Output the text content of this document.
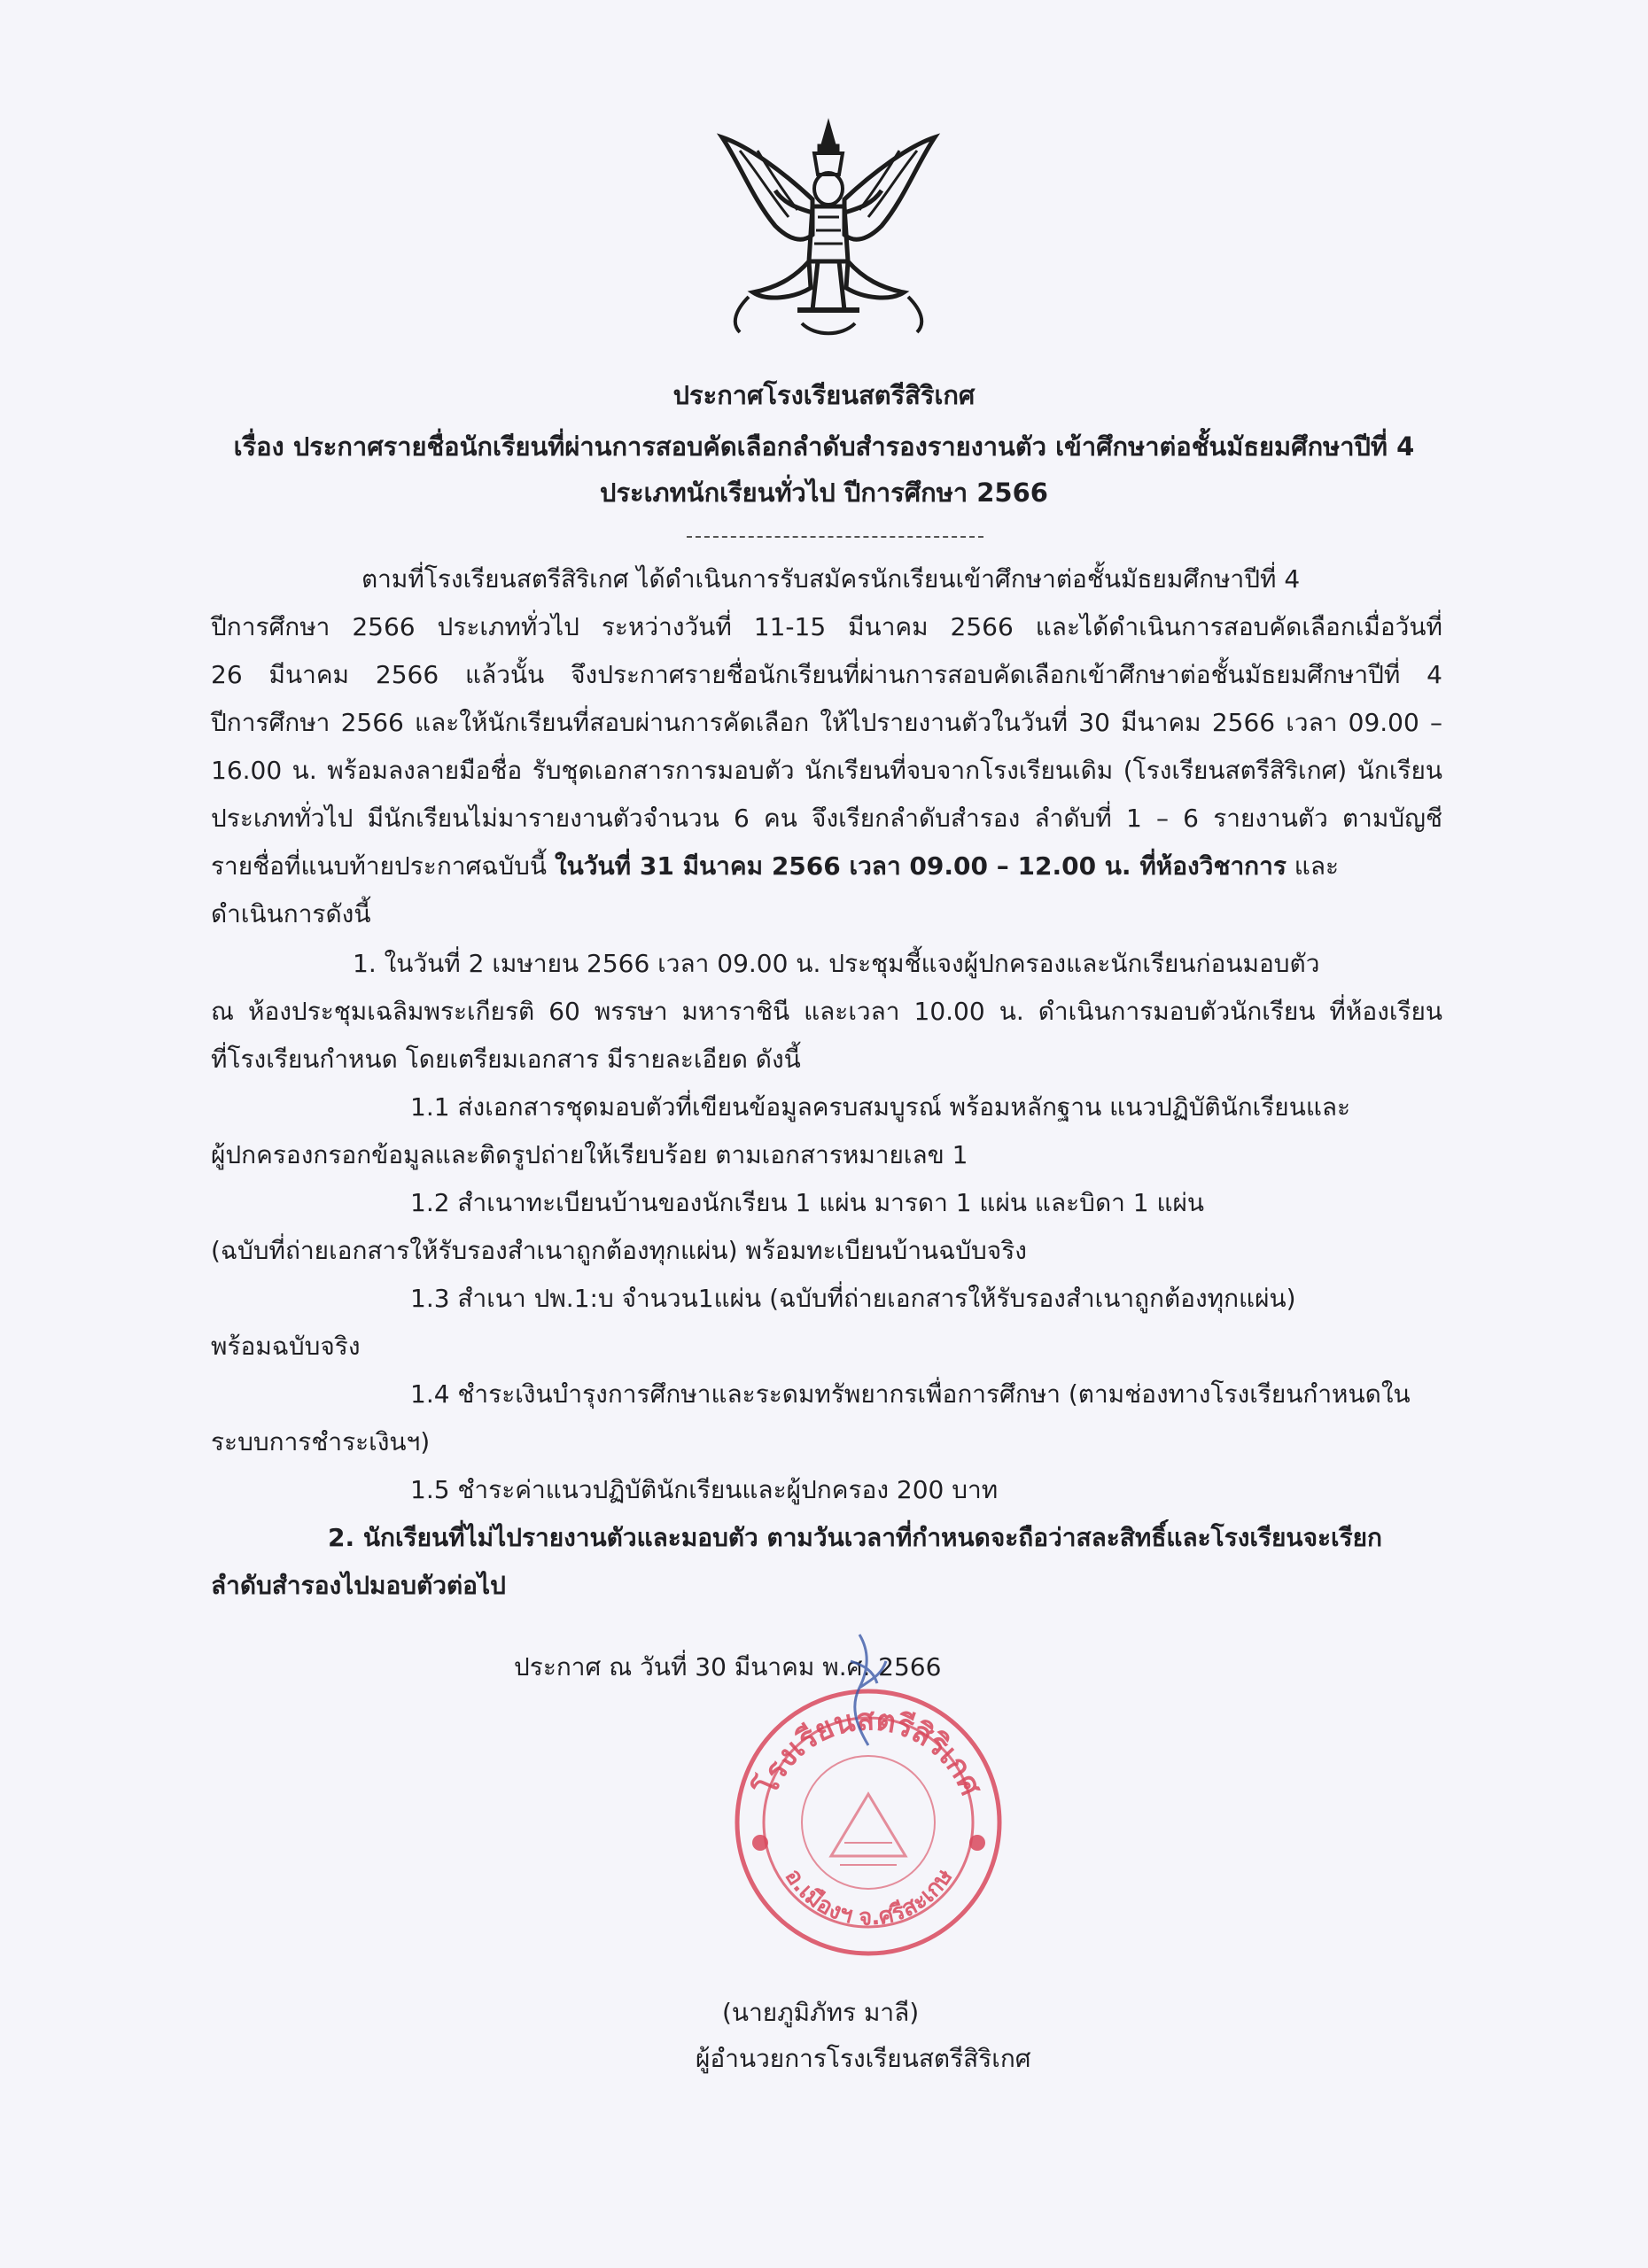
ประกาศโรงเรียนสตรีสิริเกศ
เรื่อง ประกาศรายชื่อนักเรียนที่ผ่านการสอบคัดเลือกลำดับสำรองรายงานตัว เข้าศึกษาต่อชั้นมัธยมศึกษาปีที่ 4
ประเภทนักเรียนทั่วไป ปีการศึกษา 2566
ตามที่โรงเรียนสตรีสิริเกศ ได้ดำเนินการรับสมัครนักเรียนเข้าศึกษาต่อชั้นมัธยมศึกษาปีที่ 4
ปีการศึกษา 2566 ประเภททั่วไป ระหว่างวันที่ 11-15 มีนาคม 2566 และได้ดำเนินการสอบคัดเลือกเมื่อวันที่
26 มีนาคม 2566 แล้วนั้น จึงประกาศรายชื่อนักเรียนที่ผ่านการสอบคัดเลือกเข้าศึกษาต่อชั้นมัธยมศึกษาปีที่ 4
ปีการศึกษา 2566 และให้นักเรียนที่สอบผ่านการคัดเลือก ให้ไปรายงานตัวในวันที่ 30 มีนาคม 2566 เวลา 09.00 –
16.00 น. พร้อมลงลายมือชื่อ รับชุดเอกสารการมอบตัว นักเรียนที่จบจากโรงเรียนเดิม (โรงเรียนสตรีสิริเกศ) นักเรียน
ประเภททั่วไป มีนักเรียนไม่มารายงานตัวจำนวน 6 คน จึงเรียกลำดับสำรอง ลำดับที่ 1 – 6 รายงานตัว ตามบัญชี
รายชื่อที่แนบท้ายประกาศฉบับนี้ ในวันที่ 31 มีนาคม 2566 เวลา 09.00 – 12.00 น. ที่ห้องวิชาการ และ
ดำเนินการดังนี้
1. ในวันที่ 2 เมษายน 2566 เวลา 09.00 น. ประชุมชี้แจงผู้ปกครองและนักเรียนก่อนมอบตัว
ณ ห้องประชุมเฉลิมพระเกียรติ 60 พรรษา มหาราชินี และเวลา 10.00 น. ดำเนินการมอบตัวนักเรียน ที่ห้องเรียน
ที่โรงเรียนกำหนด โดยเตรียมเอกสาร มีรายละเอียด ดังนี้
1.1 ส่งเอกสารชุดมอบตัวที่เขียนข้อมูลครบสมบูรณ์ พร้อมหลักฐาน แนวปฏิบัตินักเรียนและ
ผู้ปกครองกรอกข้อมูลและติดรูปถ่ายให้เรียบร้อย ตามเอกสารหมายเลข 1
1.2 สำเนาทะเบียนบ้านของนักเรียน 1 แผ่น มารดา 1 แผ่น และบิดา 1 แผ่น
(ฉบับที่ถ่ายเอกสารให้รับรองสำเนาถูกต้องทุกแผ่น) พร้อมทะเบียนบ้านฉบับจริง
1.3 สำเนา ปพ.1:บ จำนวน1แผ่น (ฉบับที่ถ่ายเอกสารให้รับรองสำเนาถูกต้องทุกแผ่น)
พร้อมฉบับจริง
1.4 ชำระเงินบำรุงการศึกษาและระดมทรัพยากรเพื่อการศึกษา (ตามช่องทางโรงเรียนกำหนดใน
ระบบการชำระเงินฯ)
1.5 ชำระค่าแนวปฏิบัตินักเรียนและผู้ปกครอง 200 บาท
2. นักเรียนที่ไม่ไปรายงานตัวและมอบตัว ตามวันเวลาที่กำหนดจะถือว่าสละสิทธิ์และโรงเรียนจะเรียก
ลำดับสำรองไปมอบตัวต่อไป
ประกาศ ณ วันที่ 30 มีนาคม พ.ศ. 2566
โรงเรียนสตรีสิริเกศ
อ.เมืองฯ จ.ศรีสะเกษ
(นายภูมิภัทร มาลี)
ผู้อำนวยการโรงเรียนสตรีสิริเกศ
